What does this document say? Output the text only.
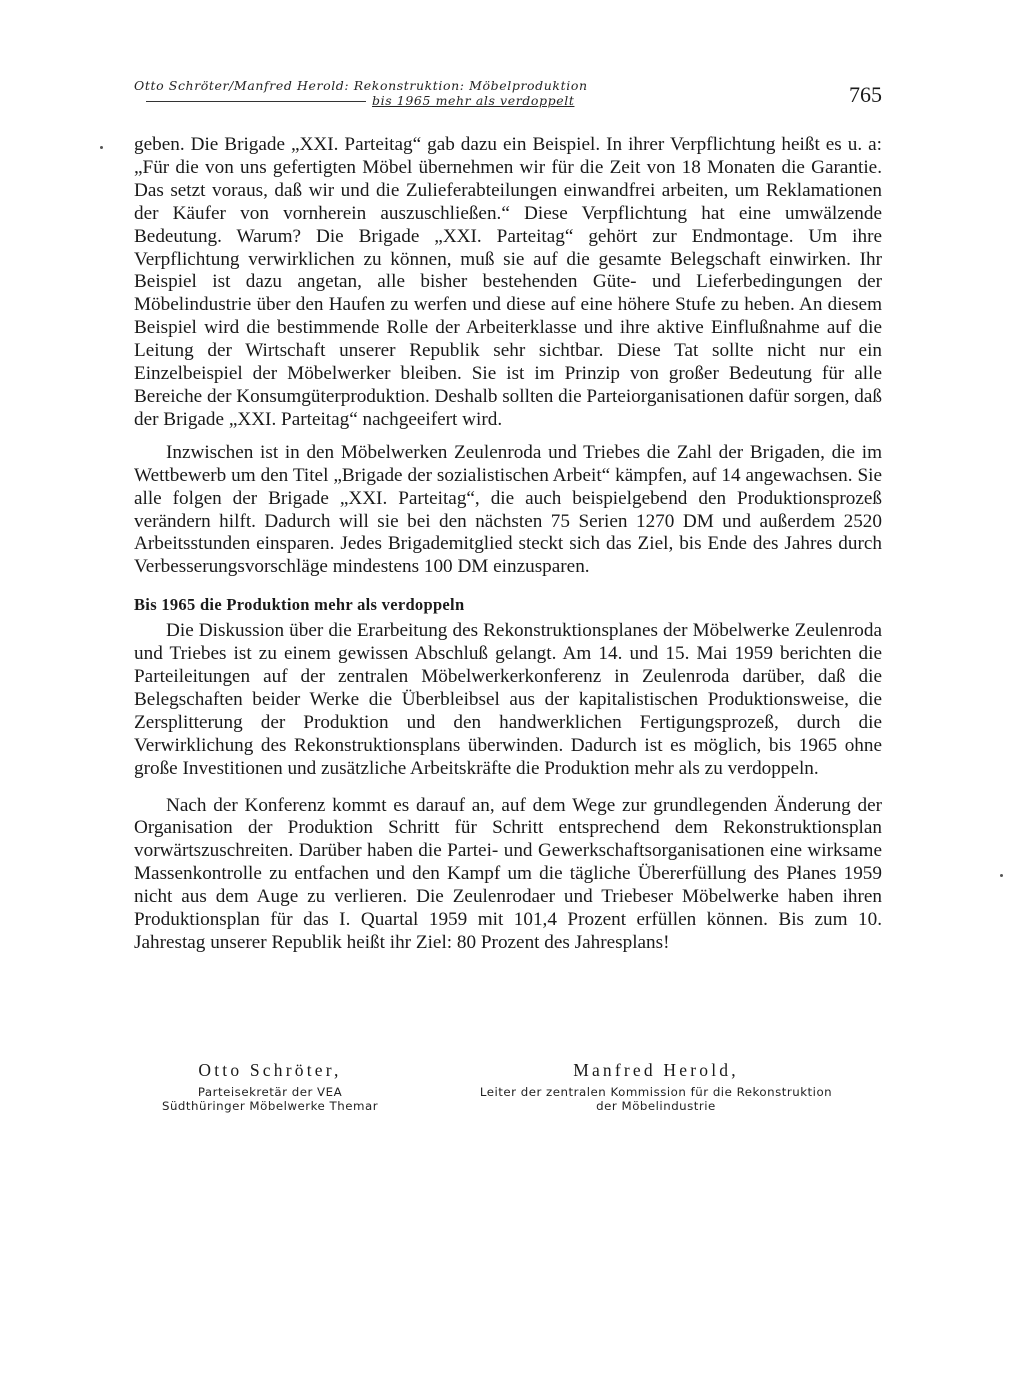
Otto Schröter/Manfred Herold: Rekonstruktion: Möbelproduktion
bis 1965 mehr als verdoppelt	765

geben. Die Brigade „XXI. Parteitag“ gab dazu ein Beispiel. In ihrer Verpflichtung heißt es u. a: „Für die von uns gefertigten Möbel übernehmen wir für die Zeit von 18 Monaten die Garantie. Das setzt voraus, daß wir und die Zulieferabteilungen einwandfrei arbeiten, um Reklamationen der Käufer von vornherein auszuschließen.“ Diese Verpflichtung hat eine umwälzende Bedeutung. Warum? Die Brigade „XXI. Parteitag“ gehört zur Endmontage. Um ihre Verpflichtung verwirklichen zu können, muß sie auf die gesamte Belegschaft einwirken. Ihr Beispiel ist dazu angetan, alle bisher bestehenden Güte- und Lieferbedingungen der Möbelindustrie über den Haufen zu werfen und diese auf eine höhere Stufe zu heben. An diesem Beispiel wird die bestimmende Rolle der Arbeiterklasse und ihre aktive Einflußnahme auf die Leitung der Wirtschaft unserer Republik sehr sichtbar. Diese Tat sollte nicht nur ein Einzelbeispiel der Möbelwerker bleiben. Sie ist im Prinzip von großer Bedeutung für alle Bereiche der Konsumgüterproduktion. Deshalb sollten die Parteiorganisationen dafür sorgen, daß der Brigade „XXI. Parteitag“ nachgeeifert wird.

Inzwischen ist in den Möbelwerken Zeulenroda und Triebes die Zahl der Brigaden, die im Wettbewerb um den Titel „Brigade der sozialistischen Arbeit“ kämpfen, auf 14 angewachsen. Sie alle folgen der Brigade „XXI. Parteitag“, die auch beispielgebend den Produktionsprozeß verändern hilft. Dadurch will sie bei den nächsten 75 Serien 1270 DM und außerdem 2520 Arbeitsstunden einsparen. Jedes Brigademitglied steckt sich das Ziel, bis Ende des Jahres durch Verbesserungsvorschläge mindestens 100 DM einzusparen.

Bis 1965 die Produktion mehr als verdoppeln

Die Diskussion über die Erarbeitung des Rekonstruktionsplanes der Möbelwerke Zeulenroda und Triebes ist zu einem gewissen Abschluß gelangt. Am 14. und 15. Mai 1959 berichten die Parteileitungen auf der zentralen Möbelwerkerkonferenz in Zeulenroda darüber, daß die Belegschaften beider Werke die Überbleibsel aus der kapitalistischen Produktionsweise, die Zersplitterung der Produktion und den handwerklichen Fertigungsprozeß, durch die Verwirklichung des Rekonstruktionsplans überwinden. Dadurch ist es möglich, bis 1965 ohne große Investitionen und zusätzliche Arbeitskräfte die Produktion mehr als zu verdoppeln.

Nach der Konferenz kommt es darauf an, auf dem Wege zur grundlegenden Änderung der Organisation der Produktion Schritt für Schritt entsprechend dem Rekonstruktionsplan vorwärtszuschreiten. Darüber haben die Partei- und Gewerkschaftsorganisationen eine wirksame Massenkontrolle zu entfachen und den Kampf um die tägliche Übererfüllung des Planes 1959 nicht aus dem Auge zu verlieren. Die Zeulenrodaer und Triebeser Möbelwerke haben ihren Produktionsplan für das I. Quartal 1959 mit 101,4 Prozent erfüllen können. Bis zum 10. Jahrestag unserer Republik heißt ihr Ziel: 80 Prozent des Jahresplans!

Otto Schröter,
Parteisekretär der VEA
Südthüringer Möbelwerke Themar
Manfred Herold,
Leiter der zentralen Kommission für die Rekonstruktion
der Möbelindustrie
